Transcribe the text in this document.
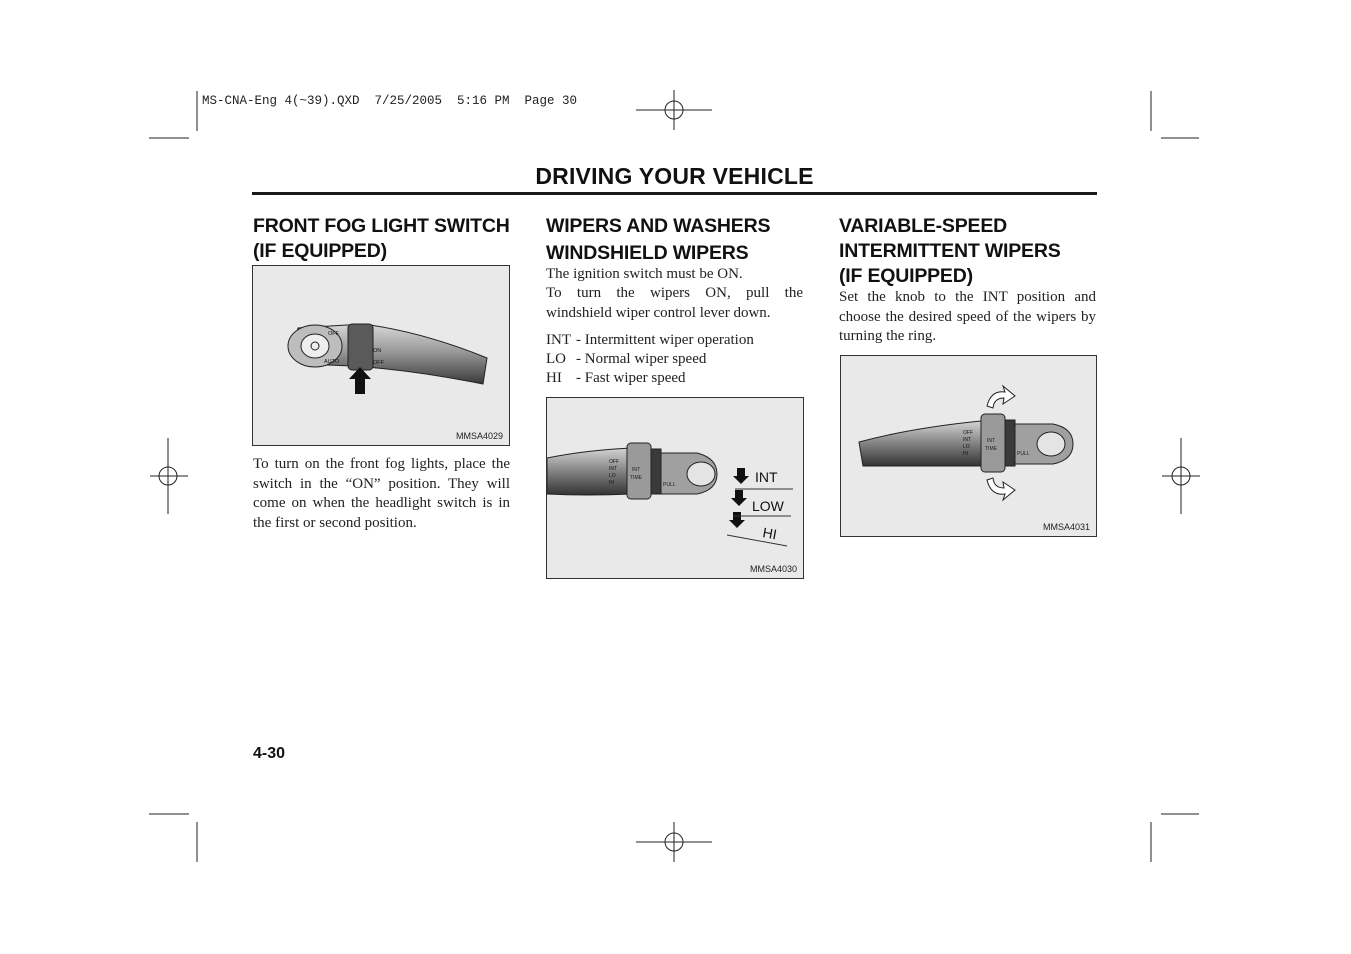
MS-CNA-Eng 4(~39).QXD  7/25/2005  5:16 PM  Page 30
DRIVING YOUR VEHICLE
FRONT FOG LIGHT SWITCH
(IF EQUIPPED)
OFF
AUTO
ON
OFF
MMSA4029
To turn on the front fog lights, place the switch in the “ON” position. They will come on when the headlight switch is in the first or second position.
WIPERS AND WASHERS
WINDSHIELD WIPERS
The ignition switch must be ON.
To turn the wipers ON, pull the windshield wiper control lever down.
INT - Intermittent wiper operation
LO - Normal wiper speed
HI - Fast wiper speed
OFF
INT
LO
HI
INT
TIME
PULL	INT
LOW
HI
MMSA4030
VARIABLE-SPEED
INTERMITTENT WIPERS
(IF EQUIPPED)
Set the knob to the INT position and choose the desired speed of the wipers by turning the ring.
OFF
INT
LO
HI
INT
TIME
PULL
MMSA4031
4-30
